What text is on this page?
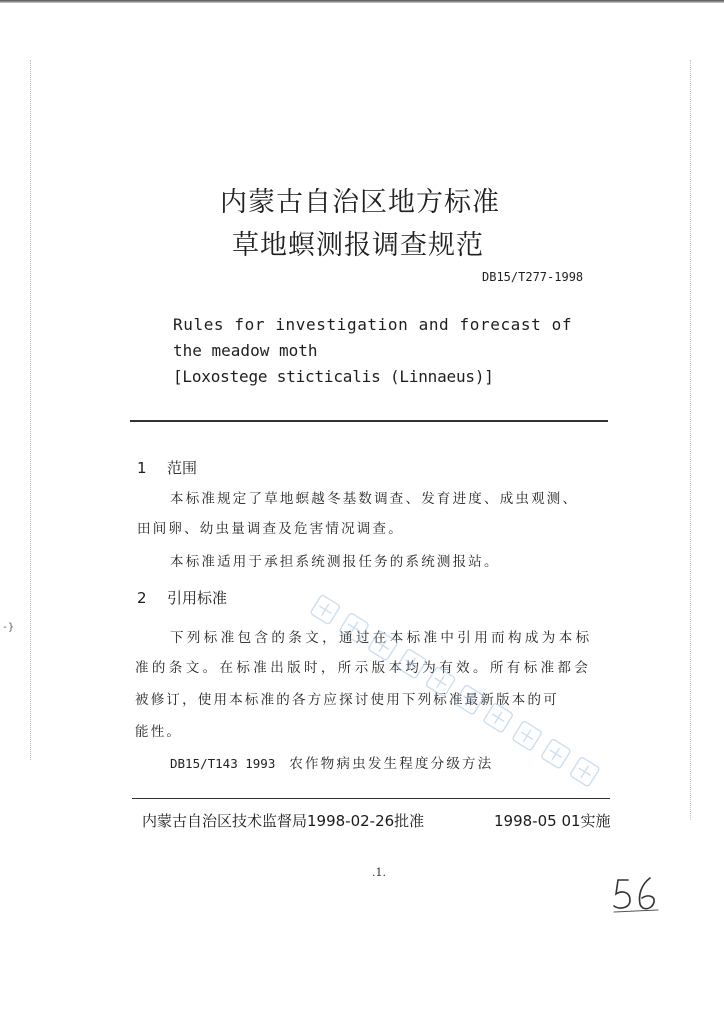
-}
内蒙古自治区地方标准
草地螟测报调查规范
DB15/T277-1998
Rules for investigation and forecast of
the meadow moth
[Loxostege sticticalis (Linnaeus)]
1 范围
本标准规定了草地螟越冬基数调查、发育进度、成虫观测、
田间卵、幼虫量调查及危害情况调查。
本标准适用于承担系统测报任务的系统测报站。
2 引用标准
下列标准包含的条文，通过在本标准中引用而构成为本标
准的条文。在标准出版时，所示版本均为有效。所有标准都会
被修订，使用本标准的各方应探讨使用下列标准最新版本的可
能性。
DB15/T143 1993 农作物病虫发生程度分级方法
内蒙古自治区技术监督局1998-02-26批准	1998-05 01实施
.1.
